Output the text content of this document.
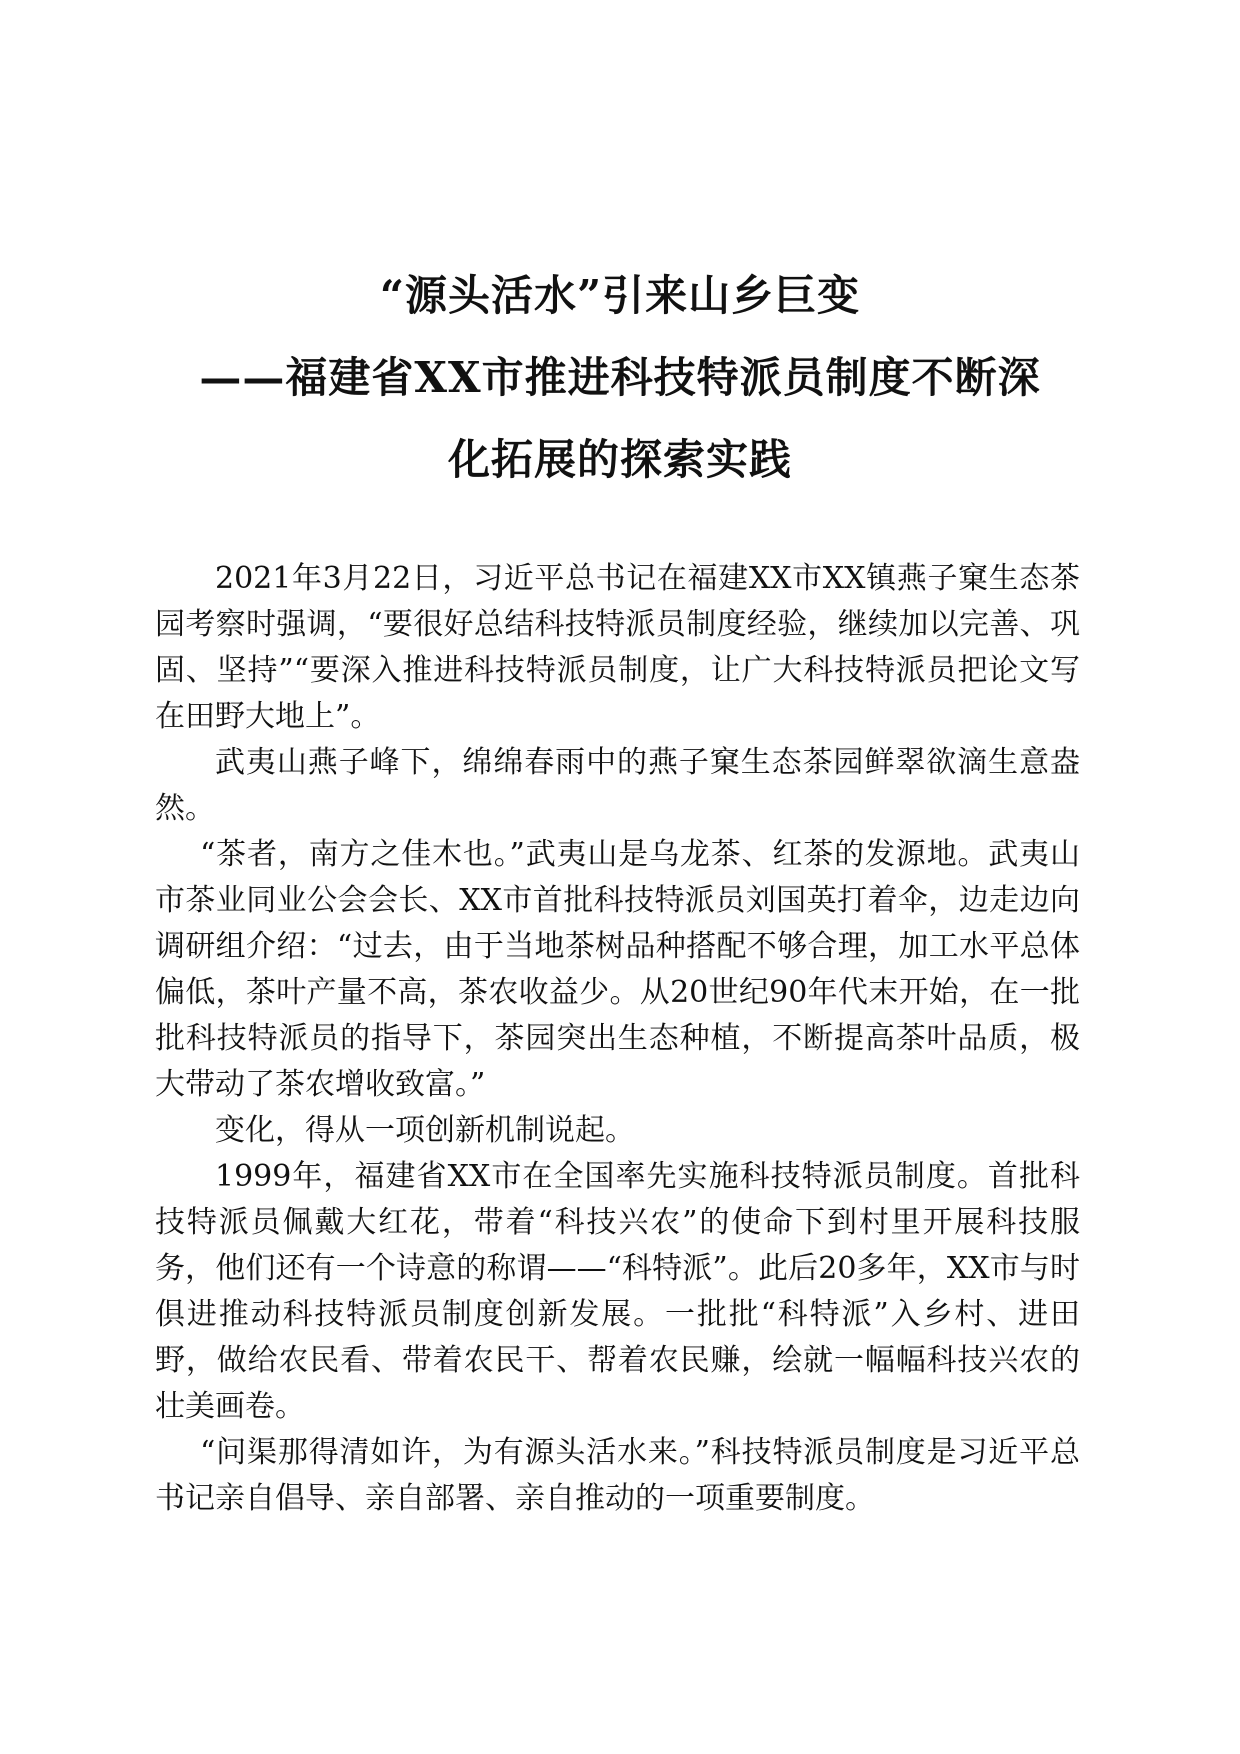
“源头活水”引来山乡巨变
——福建省XX市推进科技特派员制度不断深
化拓展的探索实践

2021年3月22日，习近平总书记在福建XX市XX镇燕子窠生态茶园考察时强调，“要很好总结科技特派员制度经验，继续加以完善、巩固、坚持”“要深入推进科技特派员制度，让广大科技特派员把论文写在田野大地上”。

武夷山燕子峰下，绵绵春雨中的燕子窠生态茶园鲜翠欲滴生意盎然。

“茶者，南方之佳木也。”武夷山是乌龙茶、红茶的发源地。武夷山市茶业同业公会会长、XX市首批科技特派员刘国英打着伞，边走边向调研组介绍：“过去，由于当地茶树品种搭配不够合理，加工水平总体偏低，茶叶产量不高，茶农收益少。从20世纪90年代末开始，在一批批科技特派员的指导下，茶园突出生态种植，不断提高茶叶品质，极大带动了茶农增收致富。”

变化，得从一项创新机制说起。

1999年，福建省XX市在全国率先实施科技特派员制度。首批科技特派员佩戴大红花，带着“科技兴农”的使命下到村里开展科技服务，他们还有一个诗意的称谓——“科特派”。此后20多年，XX市与时俱进推动科技特派员制度创新发展。一批批“科特派”入乡村、进田野，做给农民看、带着农民干、帮着农民赚，绘就一幅幅科技兴农的壮美画卷。

“问渠那得清如许，为有源头活水来。”科技特派员制度是习近平总书记亲自倡导、亲自部署、亲自推动的一项重要制度。
